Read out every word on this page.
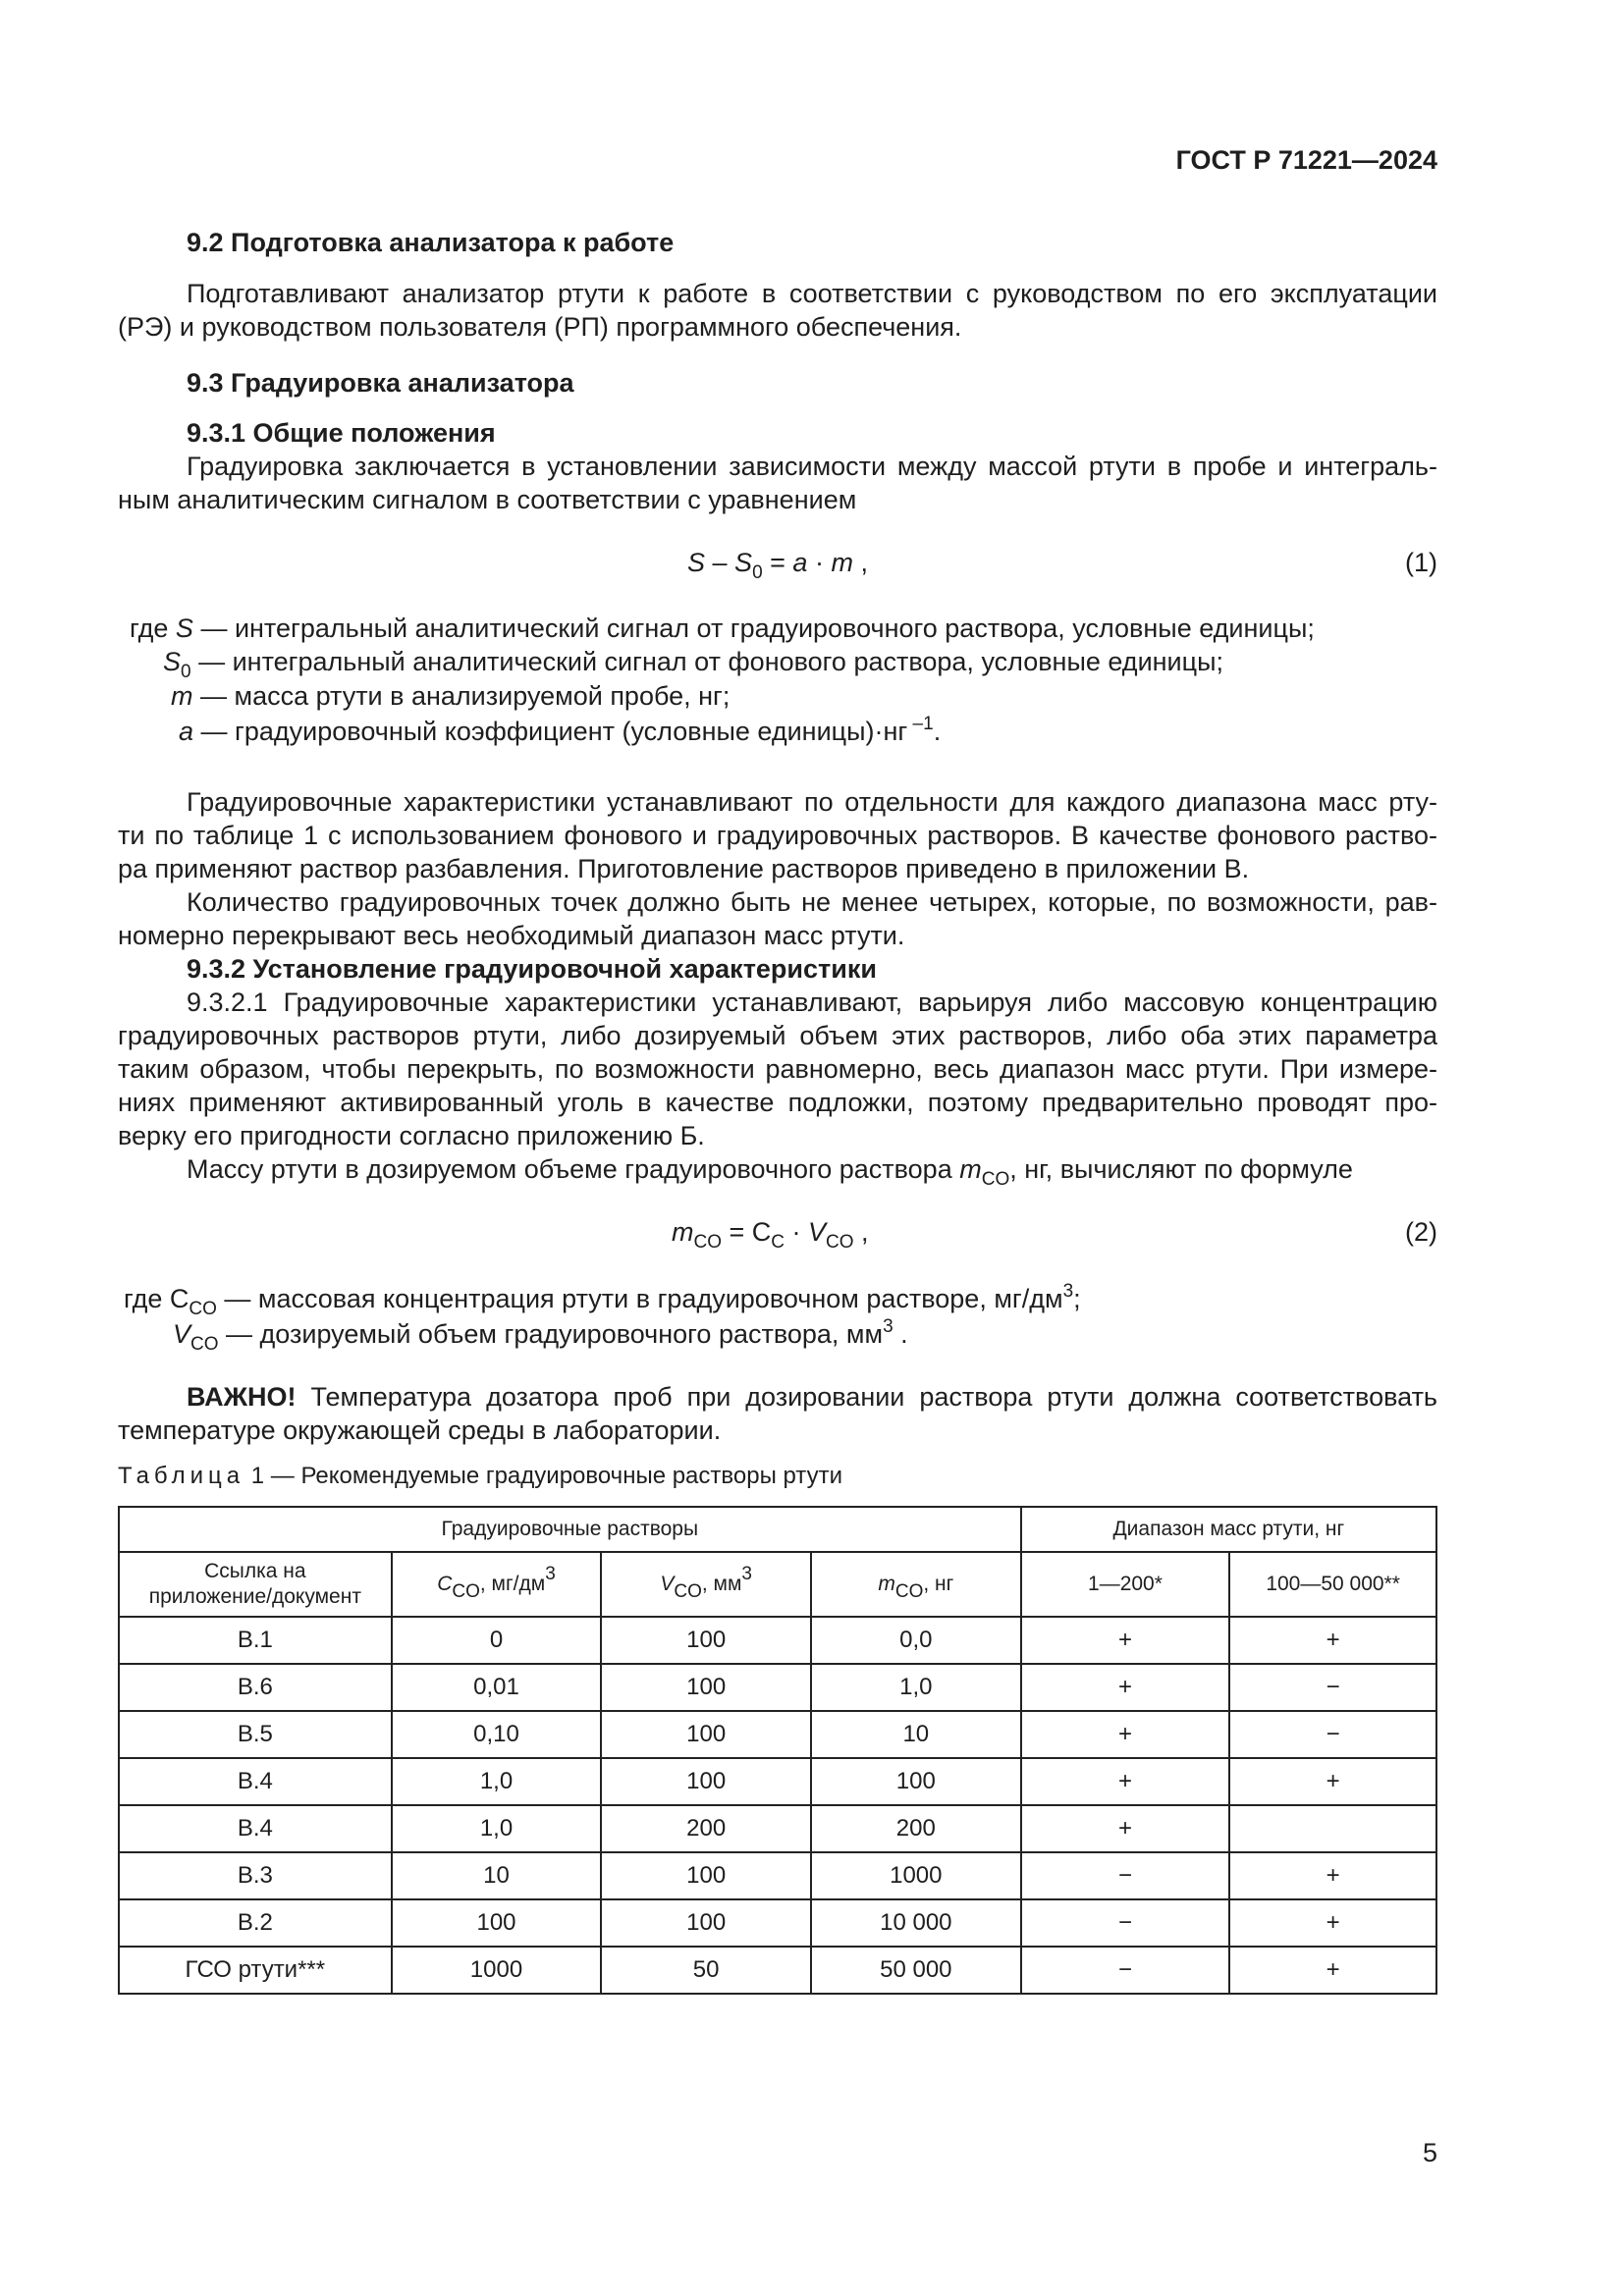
ГОСТ Р 71221—2024
9.2 Подготовка анализатора к работе
Подготавливают анализатор ртути к работе в соответствии с руководством по его эксплуатации
(РЭ) и руководством пользователя (РП) программного обеспечения.
9.3 Градуировка анализатора
9.3.1 Общие положения
Градуировка заключается в установлении зависимости между массой ртути в пробе и интеграль-
ным аналитическим сигналом в соответствии с уравнением
$S - S_0 = a \cdot m$ ,	(1)
где S — интегральный аналитический сигнал от градуировочного раствора, условные единицы;
$S_0$ — интегральный аналитический сигнал от фонового раствора, условные единицы;
m — масса ртути в анализируемой пробе, нг;
a — градуировочный коэффициент (условные единицы)·нг $^{-1}$.
Градуировочные характеристики устанавливают по отдельности для каждого диапазона масс рту-
ти по таблице 1 с использованием фонового и градуировочных растворов. В качестве фонового раство-
ра применяют раствор разбавления. Приготовление растворов приведено в приложении В.
Количество градуировочных точек должно быть не менее четырех, которые, по возможности, рав-
номерно перекрывают весь необходимый диапазон масс ртути.
9.3.2 Установление градуировочной характеристики
9.3.2.1 Градуировочные характеристики устанавливают, варьируя либо массовую концентрацию
градуировочных растворов ртути, либо дозируемый объем этих растворов, либо оба этих параметра
таким образом, чтобы перекрыть, по возможности равномерно, весь диапазон масс ртути. При измере-
ниях применяют активированный уголь в качестве подложки, поэтому предварительно проводят про-
верку его пригодности согласно приложению Б.
Массу ртути в дозируемом объеме градуировочного раствора $m_{CO}$, нг, вычисляют по формуле
$m_{CO} = С_С \cdot V_{CO}$ ,	(2)
где $С_{CO}$ — массовая концентрация ртути в градуировочном растворе, $мг/дм^3$;
$V_{CO}$ — дозируемый объем градуировочного раствора, $мм^3$ .
ВАЖНО! Температура дозатора проб при дозировании раствора ртути должна соответствовать
температуре окружающей среды в лаборатории.
Таблица 1 — Рекомендуемые градуировочные растворы ртути
Градуировочные растворы				Диапазон масс ртути, нг	
Ссылка на
приложение/документ	$C_{CO}$, $мг/дм^3$	$V_{CO}$, $мм^3$	$m_{CO}$, нг	1—200*	100—50 000**
В.1	0	100	0,0	+	+
В.6	0,01	100	1,0	+	−
В.5	0,10	100	10	+	−
В.4	1,0	100	100	+	+
В.4	1,0	200	200	+	
В.3	10	100	1000	−	+
В.2	100	100	10 000	−	+
ГСО ртути***	1000	50	50 000	−	+
5
